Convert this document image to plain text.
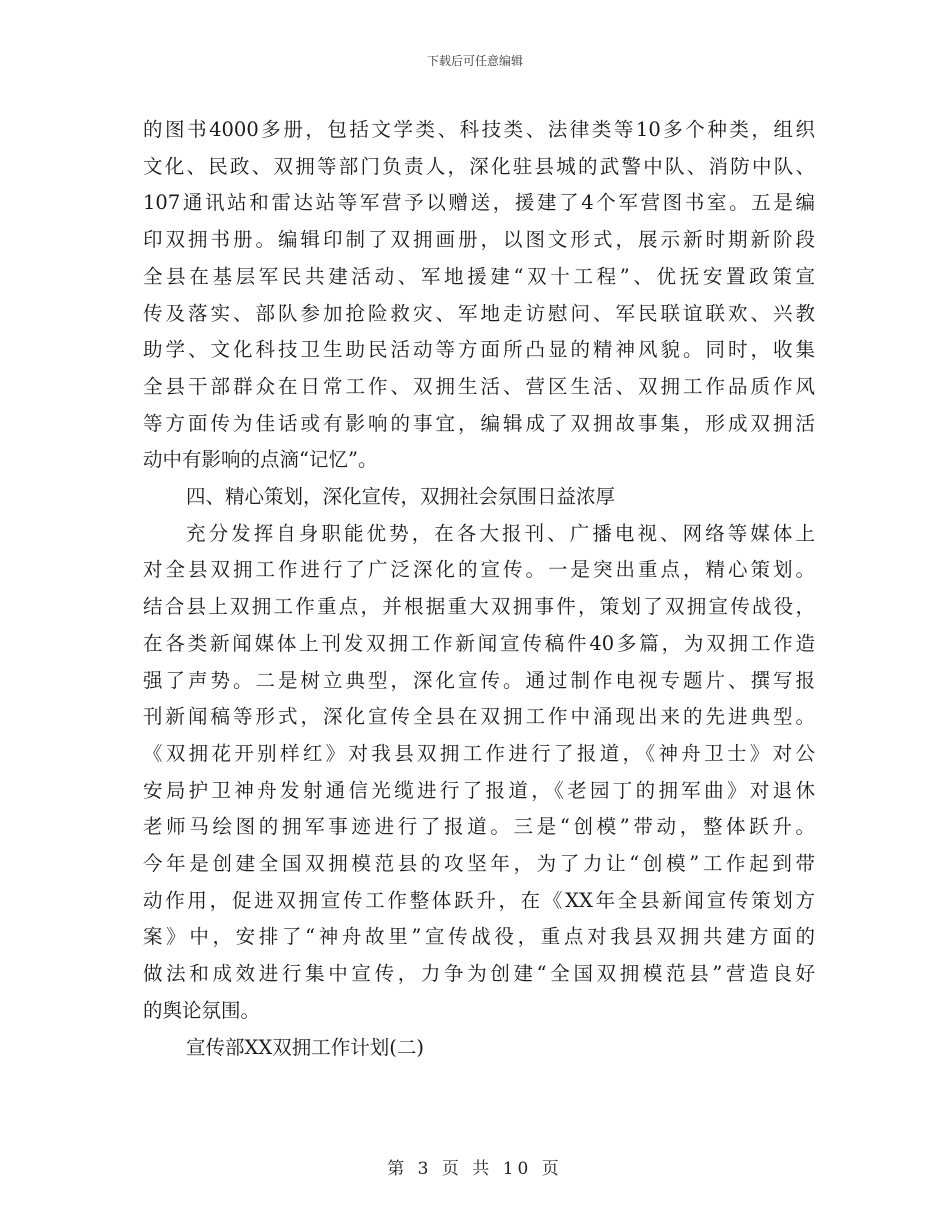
下载后可任意编辑
的图书4000多册，包括文学类、科技类、法律类等10多个种类，组织
文化、民政、双拥等部门负责人，深化驻县城的武警中队、消防中队、
107通讯站和雷达站等军营予以赠送，援建了4个军营图书室。五是编
印双拥书册。编辑印制了双拥画册，以图文形式，展示新时期新阶段
全县在基层军民共建活动、军地援建“双十工程”、优抚安置政策宣
传及落实、部队参加抢险救灾、军地走访慰问、军民联谊联欢、兴教
助学、文化科技卫生助民活动等方面所凸显的精神风貌。同时，收集
全县干部群众在日常工作、双拥生活、营区生活、双拥工作品质作风
等方面传为佳话或有影响的事宜，编辑成了双拥故事集，形成双拥活
动中有影响的点滴“记忆”。
四、精心策划，深化宣传，双拥社会氛围日益浓厚
充分发挥自身职能优势，在各大报刊、广播电视、网络等媒体上
对全县双拥工作进行了广泛深化的宣传。一是突出重点，精心策划。
结合县上双拥工作重点，并根据重大双拥事件，策划了双拥宣传战役，
在各类新闻媒体上刊发双拥工作新闻宣传稿件40多篇，为双拥工作造
强了声势。二是树立典型，深化宣传。通过制作电视专题片、撰写报
刊新闻稿等形式，深化宣传全县在双拥工作中涌现出来的先进典型。
《双拥花开别样红》对我县双拥工作进行了报道，《神舟卫士》对公
安局护卫神舟发射通信光缆进行了报道，《老园丁的拥军曲》对退休
老师马绘图的拥军事迹进行了报道。三是“创模”带动，整体跃升。
今年是创建全国双拥模范县的攻坚年，为了力让“创模”工作起到带
动作用，促进双拥宣传工作整体跃升，在《XX年全县新闻宣传策划方
案》中，安排了“神舟故里”宣传战役，重点对我县双拥共建方面的
做法和成效进行集中宣传，力争为创建“全国双拥模范县”营造良好
的舆论氛围。
宣传部XX双拥工作计划(二)
第 3 页 共 10 页
